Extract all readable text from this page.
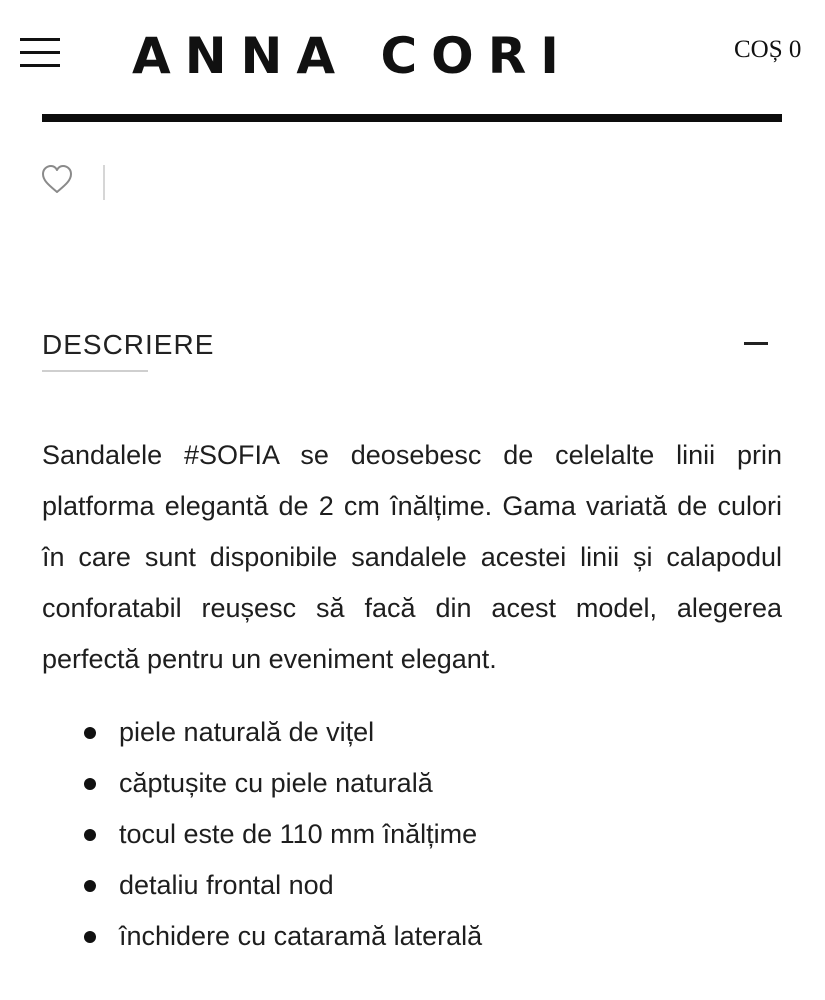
ANNA CORI	COȘ 0
DESCRIERE

Sandalele #SOFIA se deosebesc de celelalte linii prin platforma elegantă de 2 cm înălțime. Gama variată de culori în care sunt disponibile sandalele acestei linii și calapodul conforatabil reușesc să facă din acest model, alegerea perfectă pentru un eveniment elegant.

piele naturală de vițel
căptușite cu piele naturală
tocul este de 110 mm înălțime
detaliu frontal nod
închidere cu cataramă laterală
